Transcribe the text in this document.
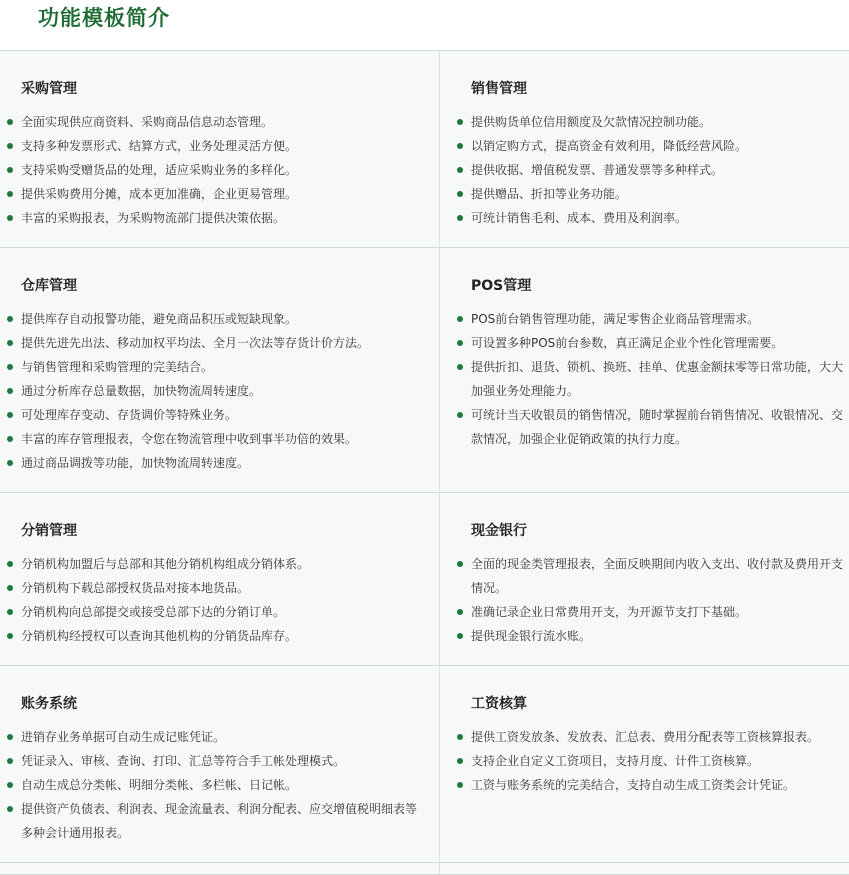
功能模板简介
采购管理
全面实现供应商资料、采购商品信息动态管理。
支持多种发票形式、结算方式，业务处理灵活方便。
支持采购受赠货品的处理，适应采购业务的多样化。
提供采购费用分摊，成本更加准确，企业更易管理。
丰富的采购报表，为采购物流部门提供决策依据。
销售管理
提供购货单位信用额度及欠款情况控制功能。
以销定购方式，提高资金有效利用，降低经营风险。
提供收据、增值税发票、普通发票等多种样式。
提供赠品、折扣等业务功能。
可统计销售毛利、成本、费用及利润率。
仓库管理
提供库存自动报警功能，避免商品积压或短缺现象。
提供先进先出法、移动加权平均法、全月一次法等存货计价方法。
与销售管理和采购管理的完美结合。
通过分析库存总量数据，加快物流周转速度。
可处理库存变动、存货调价等特殊业务。
丰富的库存管理报表，令您在物流管理中收到事半功倍的效果。
通过商品调拨等功能，加快物流周转速度。
POS管理
POS前台销售管理功能，满足零售企业商品管理需求。
可设置多种POS前台参数，真正满足企业个性化管理需要。
提供折扣、退货、锁机、换班、挂单、优惠金额抹零等日常功能，大大加强业务处理能力。
可统计当天收银员的销售情况，随时掌握前台销售情况、收银情况、交款情况，加强企业促销政策的执行力度。
分销管理
分销机构加盟后与总部和其他分销机构组成分销体系。
分销机构下载总部授权货品对接本地货品。
分销机构向总部提交或接受总部下达的分销订单。
分销机构经授权可以查询其他机构的分销货品库存。
现金银行
全面的现金类管理报表，全面反映期间内收入支出、收付款及费用开支情况。
准确记录企业日常费用开支，为开源节支打下基础。
提供现金银行流水账。
账务系统
进销存业务单据可自动生成记账凭证。
凭证录入、审核、查询、打印、汇总等符合手工帐处理模式。
自动生成总分类帐、明细分类帐、多栏帐、日记帐。
提供资产负债表、利润表、现金流量表、利润分配表、应交增值税明细表等多种会计通用报表。
工资核算
提供工资发放条、发放表、汇总表、费用分配表等工资核算报表。
支持企业自定义工资项目，支持月度、计件工资核算。
工资与账务系统的完美结合，支持自动生成工资类会计凭证。
